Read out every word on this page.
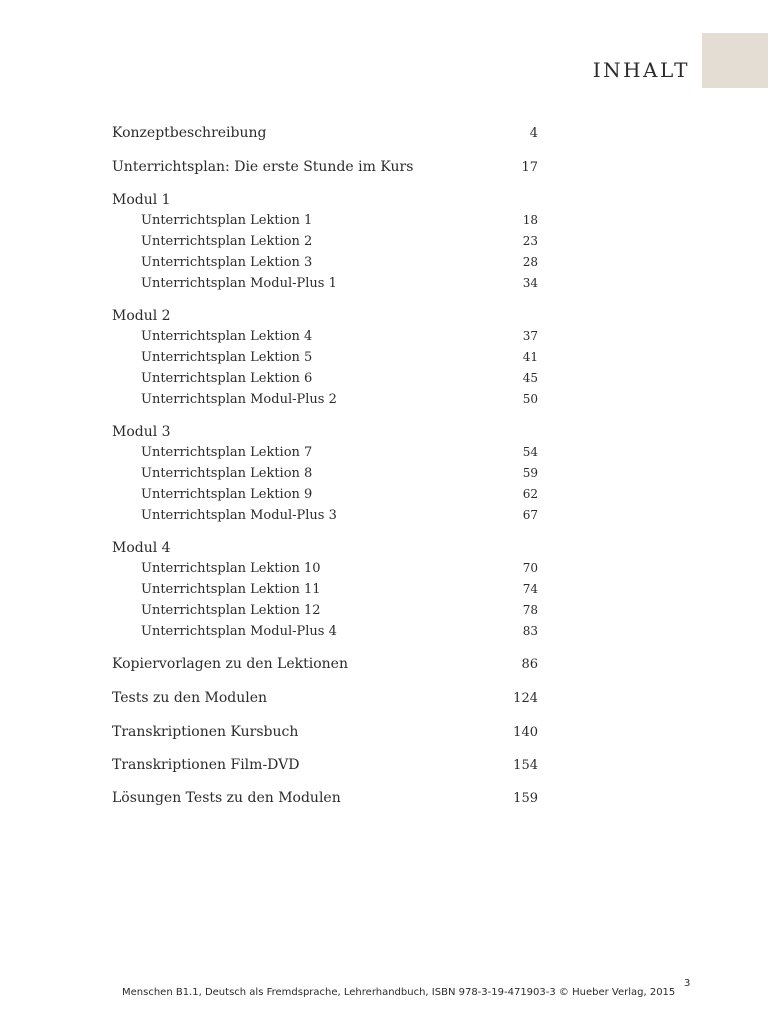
INHALT
Konzeptbeschreibung	4
Unterrichtsplan: Die erste Stunde im Kurs	17
Modul 1
Unterrichtsplan Lektion 1	18
Unterrichtsplan Lektion 2	23
Unterrichtsplan Lektion 3	28
Unterrichtsplan Modul-Plus 1	34
Modul 2
Unterrichtsplan Lektion 4	37
Unterrichtsplan Lektion 5	41
Unterrichtsplan Lektion 6	45
Unterrichtsplan Modul-Plus 2	50
Modul 3
Unterrichtsplan Lektion 7	54
Unterrichtsplan Lektion 8	59
Unterrichtsplan Lektion 9	62
Unterrichtsplan Modul-Plus 3	67
Modul 4
Unterrichtsplan Lektion 10	70
Unterrichtsplan Lektion 11	74
Unterrichtsplan Lektion 12	78
Unterrichtsplan Modul-Plus 4	83
Kopiervorlagen zu den Lektionen	86
Tests zu den Modulen	124
Transkriptionen Kursbuch	140
Transkriptionen Film-DVD	154
Lösungen Tests zu den Modulen	159
3
Menschen B1.1, Deutsch als Fremdsprache, Lehrerhandbuch, ISBN 978-3-19-471903-3 © Hueber Verlag, 2015
